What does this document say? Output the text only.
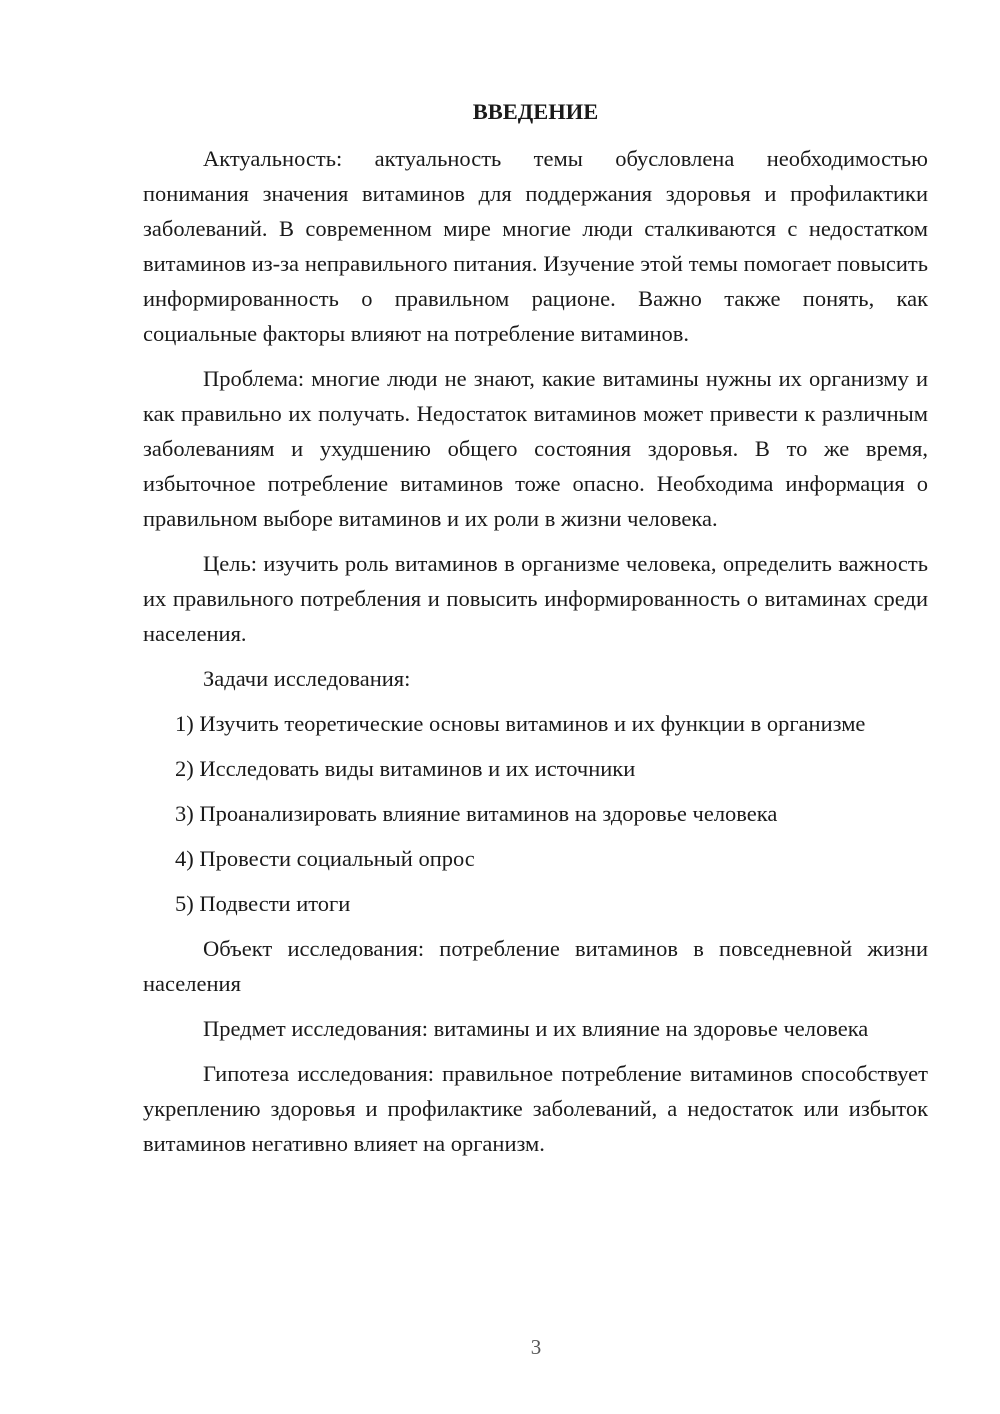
ВВЕДЕНИЕ

Актуальность: актуальность темы обусловлена необходимостью понимания значения витаминов для поддержания здоровья и профилактики заболеваний. В современном мире многие люди сталкиваются с недостатком витаминов из-за неправильного питания. Изучение этой темы помогает повысить информированность о правильном рационе. Важно также понять, как социальные факторы влияют на потребление витаминов.

Проблема: многие люди не знают, какие витамины нужны их организму и как правильно их получать. Недостаток витаминов может привести к различным заболеваниям и ухудшению общего состояния здоровья. В то же время, избыточное потребление витаминов тоже опасно. Необходима информация о правильном выборе витаминов и их роли в жизни человека.

Цель: изучить роль витаминов в организме человека, определить важность их правильного потребления и повысить информированность о витаминах среди населения.

Задачи исследования:

1) Изучить теоретические основы витаминов и их функции в организме

2) Исследовать виды витаминов и их источники

3) Проанализировать влияние витаминов на здоровье человека

4) Провести социальный опрос

5) Подвести итоги

Объект исследования: потребление витаминов в повседневной жизни населения

Предмет исследования: витамины и их влияние на здоровье человека

Гипотеза исследования: правильное потребление витаминов способствует укреплению здоровья и профилактике заболеваний, а недостаток или избыток витаминов негативно влияет на организм.

3
